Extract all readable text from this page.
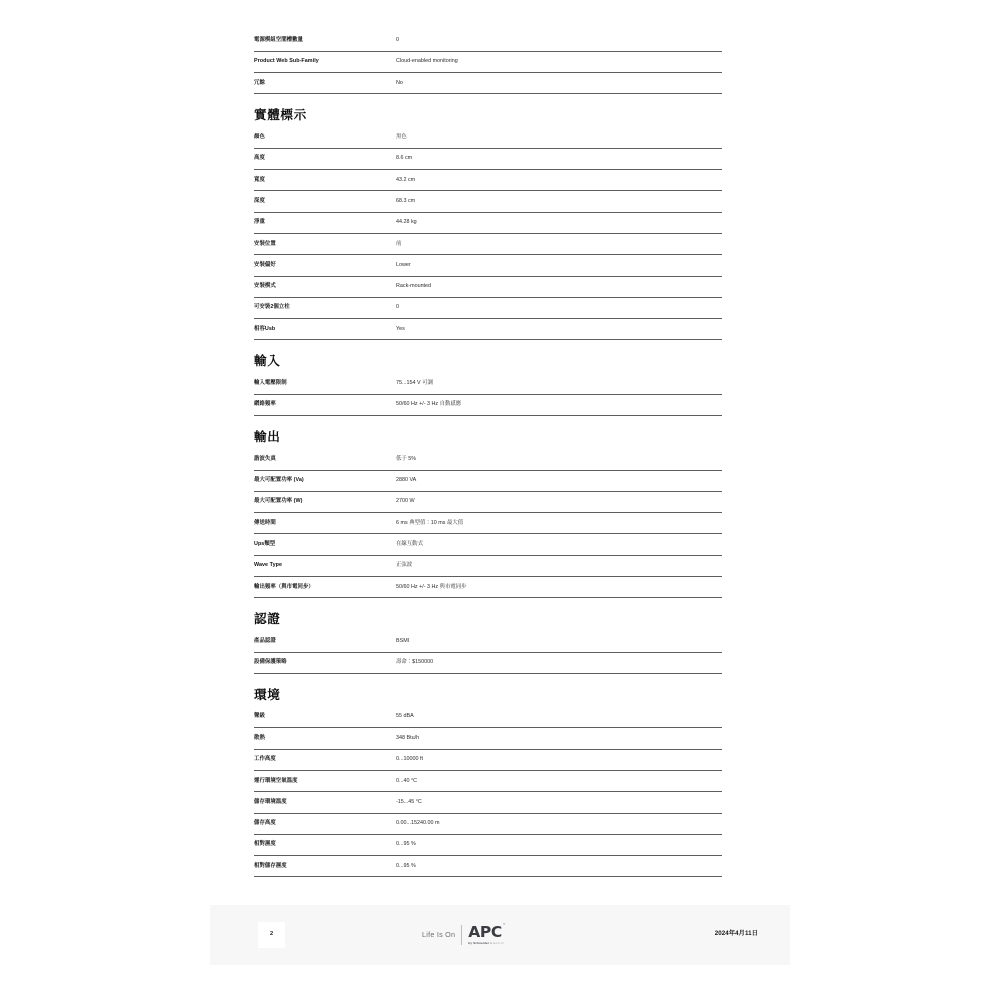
電源模組空閒槽數量	0
Product Web Sub-Family	Cloud-enabled monitoring
冗餘	No

實體標示	

顏色	黑色
高度	8.6 cm
寬度	43.2 cm
深度	68.3 cm
淨重	44.28 kg
安裝位置	前
安裝偏好	Lower
安裝模式	Rack-mounted
可安裝2個立柱	0
相容Usb	Yes

輸入	

輸入電壓限制	75...154 V 可調
網絡頻率	50/60 Hz +/- 3 Hz 自動感應

輸出	

諧波失真	低于 5%
最大可配置功率 (Va)	2880 VA
最大可配置功率 (W)	2700 W
傳送時間	6 ms 典型值：10 ms 最大值
Ups類型	在線互動式
Wave Type	正弦波
輸出頻率（與市電同步）	50/60 Hz +/- 3 Hz 與市電同步

認證	

產品認證	BSMI
設備保護策略	壽命：$150000

環境	

聲級	55 dBA
散熱	348 Btu/h
工作高度	0...10000 ft
運行環境空氣溫度	0...40 °C
儲存環境溫度	-15...45 °C
儲存高度	0.00...15240.00 m
相對濕度	0...95 %
相對儲存濕度	0...95 %
2	Life Is On APC ™
by Schneider Electric
2024年4月11日
